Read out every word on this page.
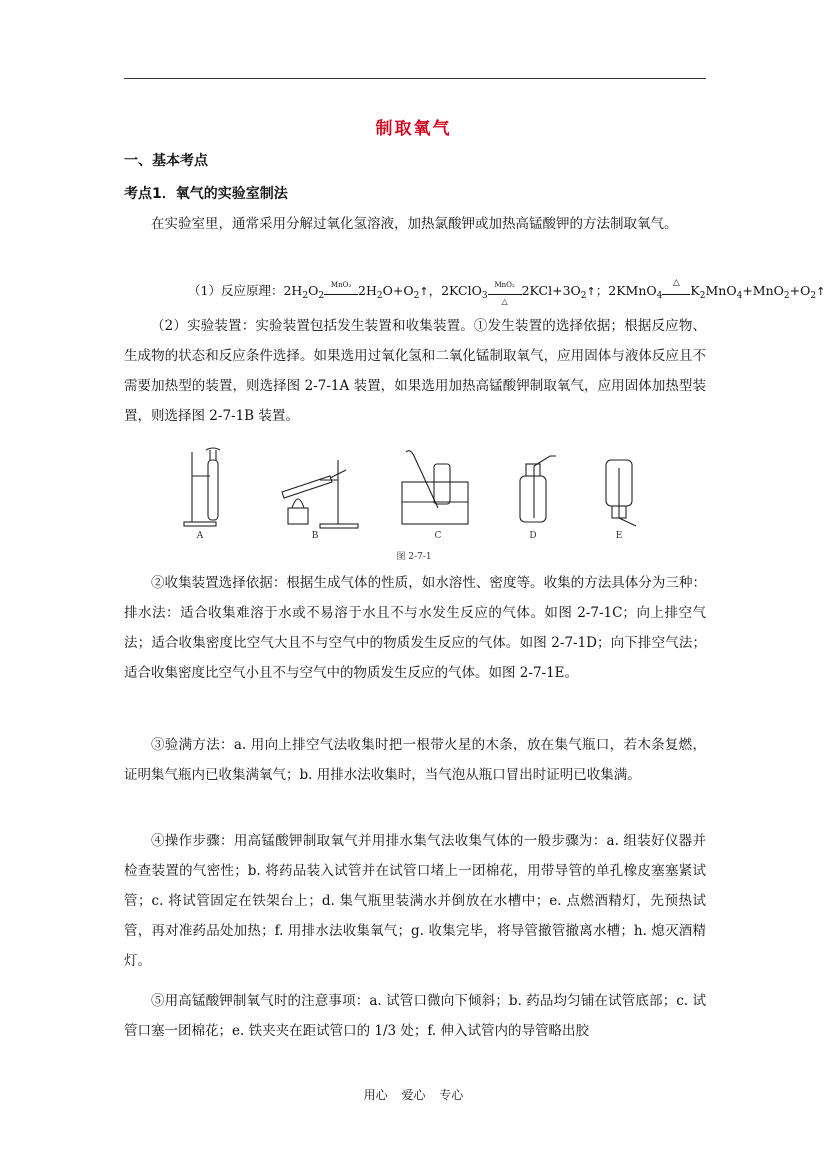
制取氧气
一、基本考点
考点1．氧气的实验室制法

在实验室里，通常采用分解过氧化氢溶液，加热氯酸钾或加热高锰酸钾的方法制取氧气。

（1）反应原理：$2H_2O_2$
MnO₂ $2H_2O+O_2↑$，2KClO$_3$
MnO₂
△
$2KCl+3O_2↑$；2KMnO$_4$
△ $K_2MnO_4+MnO_2+O_2↑$

（2）实验装置：实验装置包括发生装置和收集装置。①发生装置的选择依据；根据反应物、生成物的状态和反应条件选择。如果选用过氧化氢和二氧化锰制取氧气，应用固体与液体反应且不需要加热型的装置，则选择图 2-7-1A 装置，如果选用加热高锰酸钾制取氧气，应用固体加热型装置，则选择图 2-7-1B 装置。

A	B	C	D	E
图 2-7-1

②收集装置选择依据：根据生成气体的性质，如水溶性、密度等。收集的方法具体分为三种：排水法：适合收集难溶于水或不易溶于水且不与水发生反应的气体。如图 2-7-1C；向上排空气法；适合收集密度比空气大且不与空气中的物质发生反应的气体。如图 2-7-1D；向下排空气法；适合收集密度比空气小且不与空气中的物质发生反应的气体。如图 2-7-1E。

③验满方法：a. 用向上排空气法收集时把一根带火星的木条，放在集气瓶口，若木条复燃，证明集气瓶内已收集满氧气；b. 用排水法收集时，当气泡从瓶口冒出时证明已收集满。

④操作步骤：用高锰酸钾制取氧气并用排水集气法收集气体的一般步骤为：a. 组装好仪器并检查装置的气密性；b. 将药品装入试管并在试管口堵上一团棉花，用带导管的单孔橡皮塞塞紧试管；c. 将试管固定在铁架台上；d. 集气瓶里装满水并倒放在水槽中；e. 点燃酒精灯，先预热试管，再对准药品处加热；f. 用排水法收集氧气；g. 收集完毕，将导管撤管撤离水槽；h. 熄灭酒精灯。

⑤用高锰酸钾制氧气时的注意事项：a. 试管口微向下倾斜；b. 药品均匀铺在试管底部；c. 试管口塞一团棉花；e. 铁夹夹在距试管口的 1/3 处；f. 伸入试管内的导管略出胶

用心 爱心 专心
